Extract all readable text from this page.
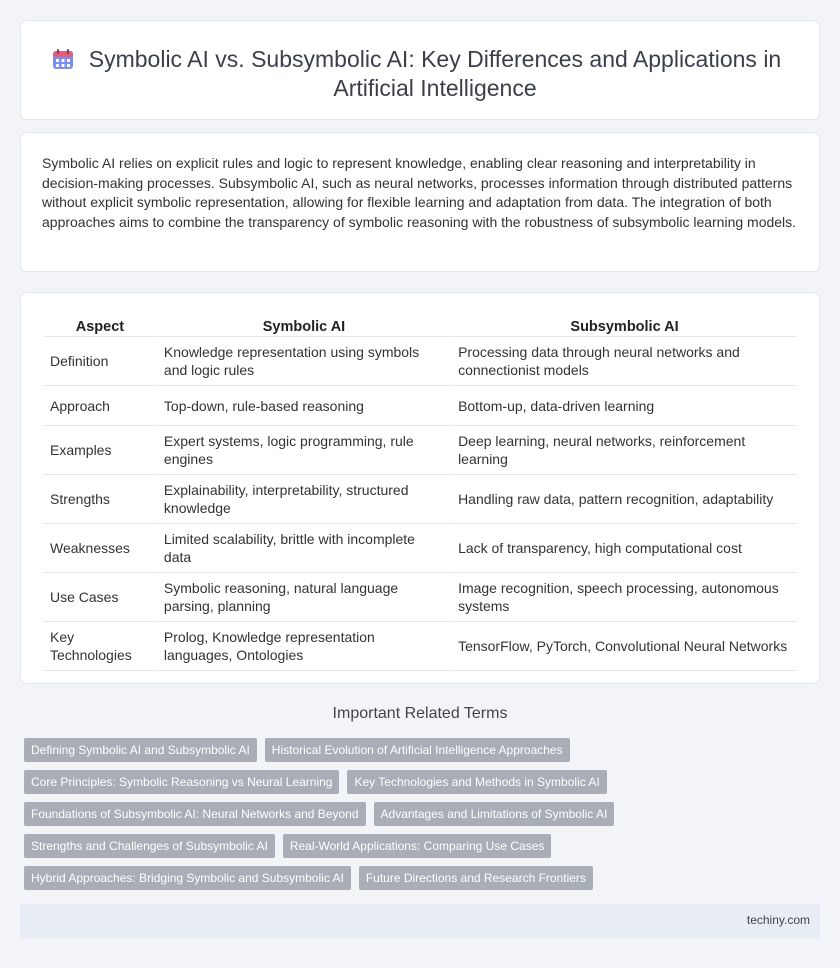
Symbolic AI vs. Subsymbolic AI: Key Differences and Applications in Artificial Intelligence

Symbolic AI relies on explicit rules and logic to represent knowledge, enabling clear reasoning and interpretability in decision-making processes. Subsymbolic AI, such as neural networks, processes information through distributed patterns without explicit symbolic representation, allowing for flexible learning and adaptation from data. The integration of both approaches aims to combine the transparency of symbolic reasoning with the robustness of subsymbolic learning models.

Aspect	Symbolic AI	Subsymbolic AI
Definition	Knowledge representation using symbols and logic rules	Processing data through neural networks and connectionist models
Approach	Top-down, rule-based reasoning	Bottom-up, data-driven learning
Examples	Expert systems, logic programming, rule engines	Deep learning, neural networks, reinforcement learning
Strengths	Explainability, interpretability, structured knowledge	Handling raw data, pattern recognition, adaptability
Weaknesses	Limited scalability, brittle with incomplete data	Lack of transparency, high computational cost
Use Cases	Symbolic reasoning, natural language parsing, planning	Image recognition, speech processing, autonomous systems
Key Technologies	Prolog, Knowledge representation languages, Ontologies	TensorFlow, PyTorch, Convolutional Neural Networks
Important Related Terms
Defining Symbolic AI and Subsymbolic AI	Historical Evolution of Artificial Intelligence Approaches
Core Principles: Symbolic Reasoning vs Neural Learning	Key Technologies and Methods in Symbolic AI
Foundations of Subsymbolic AI: Neural Networks and Beyond	Advantages and Limitations of Symbolic AI
Strengths and Challenges of Subsymbolic AI	Real-World Applications: Comparing Use Cases
Hybrid Approaches: Bridging Symbolic and Subsymbolic AI	Future Directions and Research Frontiers
techiny.com
